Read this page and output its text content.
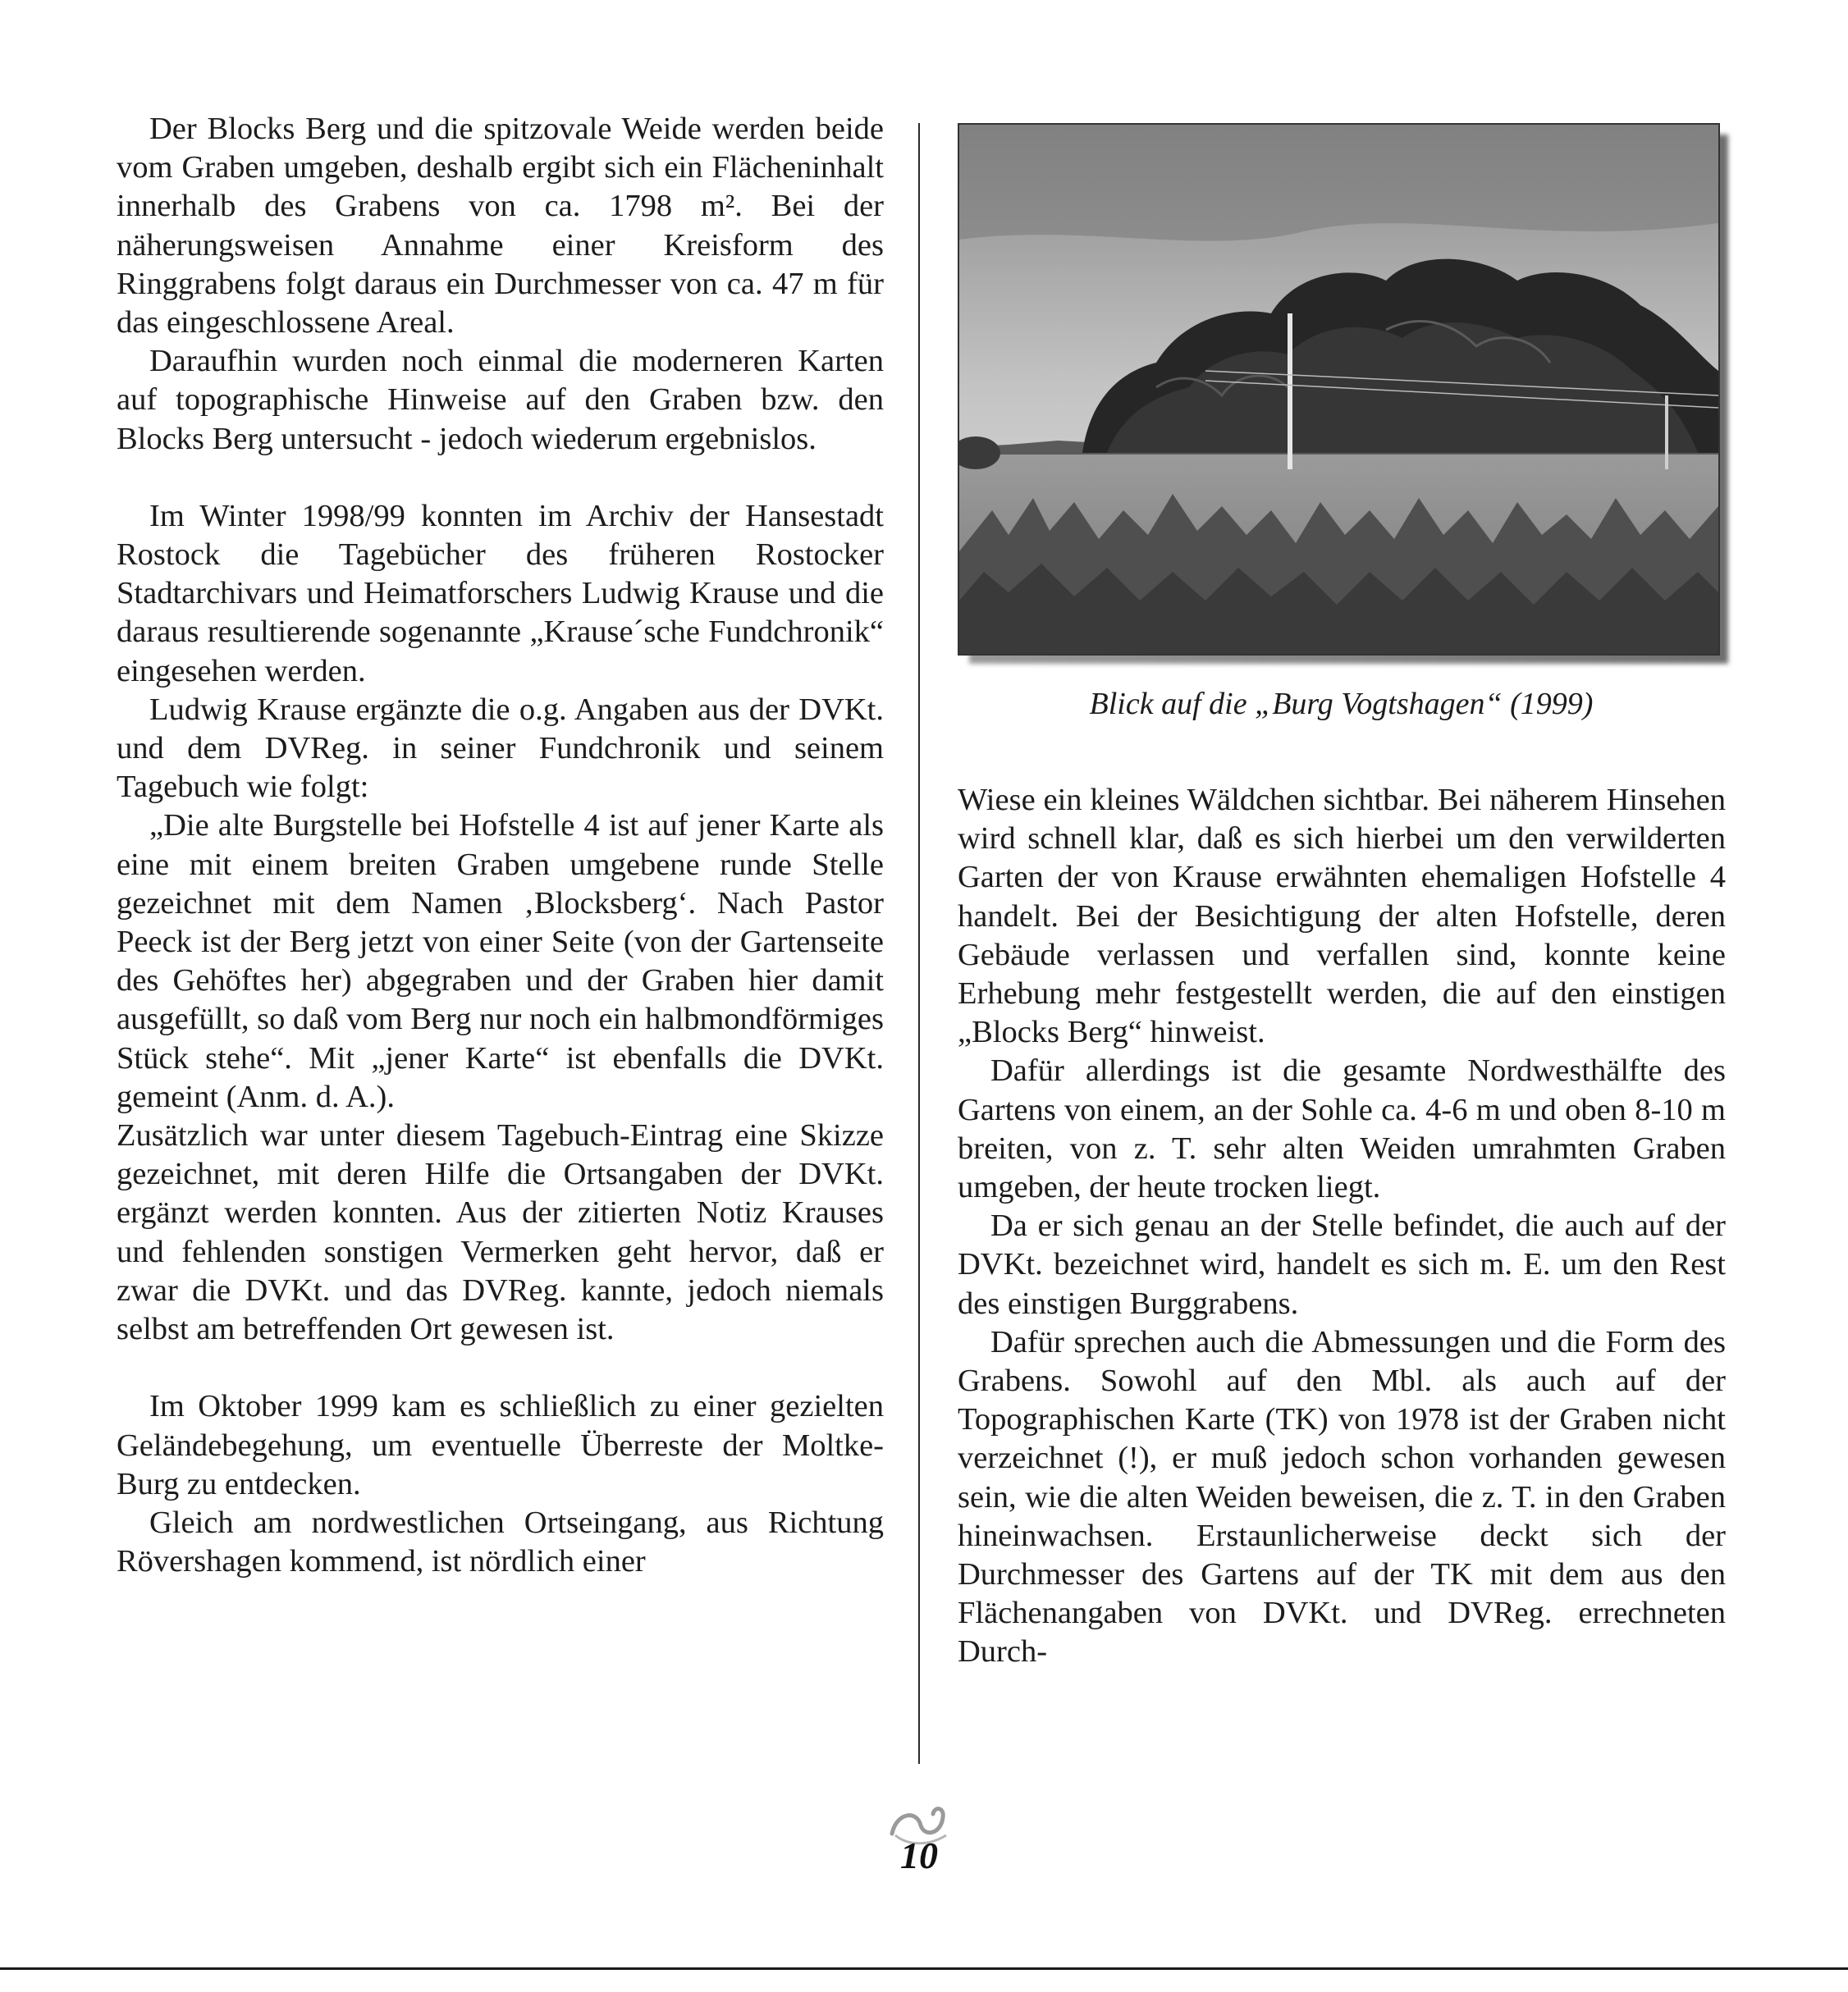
Der Blocks Berg und die spitzovale Weide werden beide vom Graben umgeben, deshalb ergibt sich ein Flächeninhalt innerhalb des Grabens von ca. 1798 m². Bei der näherungsweisen Annahme einer Kreisform des Ringgrabens folgt daraus ein Durchmesser von ca. 47 m für das eingeschlossene Areal.

Daraufhin wurden noch einmal die moderneren Karten auf topographische Hinweise auf den Graben bzw. den Blocks Berg untersucht - jedoch wiederum ergebnislos.

Im Winter 1998/99 konnten im Archiv der Hansestadt Rostock die Tagebücher des früheren Rostocker Stadtarchivars und Heimatforschers Ludwig Krause und die daraus resultierende sogenannte „Krause´sche Fundchronik“ eingesehen werden.

Ludwig Krause ergänzte die o.g. Angaben aus der DVKt. und dem DVReg. in seiner Fundchronik und seinem Tagebuch wie folgt:

„Die alte Burgstelle bei Hofstelle 4 ist auf jener Karte als eine mit einem breiten Graben umgebene runde Stelle gezeichnet mit dem Namen ‚Blocksberg‘. Nach Pastor Peeck ist der Berg jetzt von einer Seite (von der Gartenseite des Gehöftes her) abgegraben und der Graben hier damit ausgefüllt, so daß vom Berg nur noch ein halbmondförmiges Stück stehe“. Mit „jener Karte“ ist ebenfalls die DVKt. gemeint (Anm. d. A.).

Zusätzlich war unter diesem Tagebuch-Eintrag eine Skizze gezeichnet, mit deren Hilfe die Ortsangaben der DVKt. ergänzt werden konnten. Aus der zitierten Notiz Krauses und fehlenden sonstigen Vermerken geht hervor, daß er zwar die DVKt. und das DVReg. kannte, jedoch niemals selbst am betreffenden Ort gewesen ist.

Im Oktober 1999 kam es schließlich zu einer gezielten Geländebegehung, um eventuelle Überreste der Moltke-Burg zu entdecken.

Gleich am nordwestlichen Ortseingang, aus Richtung Rövershagen kommend, ist nördlich einer

Blick auf die „Burg Vogtshagen“ (1999)

Wiese ein kleines Wäldchen sichtbar. Bei näherem Hinsehen wird schnell klar, daß es sich hierbei um den verwilderten Garten der von Krause erwähnten ehemaligen Hofstelle 4 handelt. Bei der Besichtigung der alten Hofstelle, deren Gebäude verlassen und verfallen sind, konnte keine Erhebung mehr festgestellt werden, die auf den einstigen „Blocks Berg“ hinweist.

Dafür allerdings ist die gesamte Nordwesthälfte des Gartens von einem, an der Sohle ca. 4-6 m und oben 8-10 m breiten, von z. T. sehr alten Weiden umrahmten Graben umgeben, der heute trocken liegt.

Da er sich genau an der Stelle befindet, die auch auf der DVKt. bezeichnet wird, handelt es sich m. E. um den Rest des einstigen Burggrabens.

Dafür sprechen auch die Abmessungen und die Form des Grabens. Sowohl auf den Mbl. als auch auf der Topographischen Karte (TK) von 1978 ist der Graben nicht verzeichnet (!), er muß jedoch schon vorhanden gewesen sein, wie die alten Weiden beweisen, die z. T. in den Graben hineinwachsen. Erstaunlicherweise deckt sich der Durchmesser des Gartens auf der TK mit dem aus den Flächenangaben von DVKt. und DVReg. errechneten Durch-

10
